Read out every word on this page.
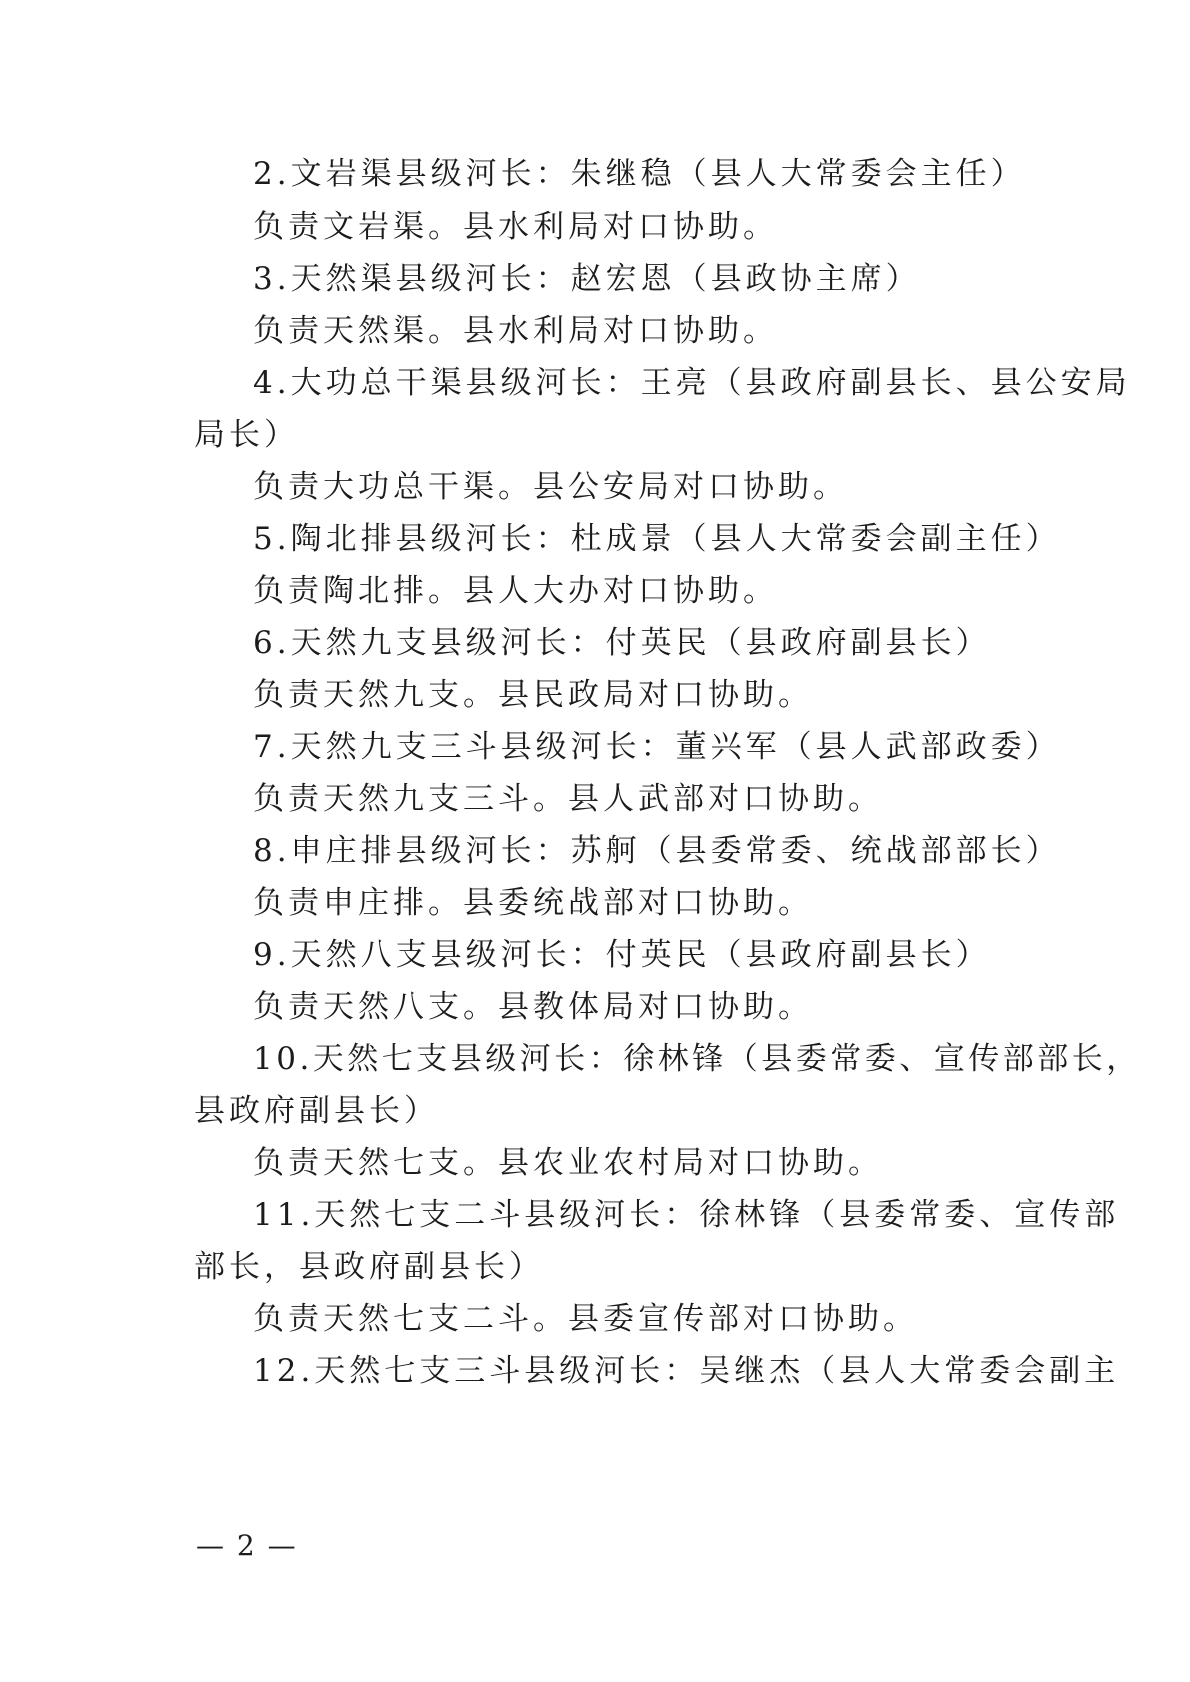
2.文岩渠县级河长：朱继稳（县人大常委会主任）
负责文岩渠。县水利局对口协助。
3.天然渠县级河长：赵宏恩（县政协主席）
负责天然渠。县水利局对口协助。
4.大功总干渠县级河长：王亮（县政府副县长、县公安局
局长）
负责大功总干渠。县公安局对口协助。
5.陶北排县级河长：杜成景（县人大常委会副主任）
负责陶北排。县人大办对口协助。
6.天然九支县级河长：付英民（县政府副县长）
负责天然九支。县民政局对口协助。
7.天然九支三斗县级河长：董兴军（县人武部政委）
负责天然九支三斗。县人武部对口协助。
8.申庄排县级河长：苏舸（县委常委、统战部部长）
负责申庄排。县委统战部对口协助。
9.天然八支县级河长：付英民（县政府副县长）
负责天然八支。县教体局对口协助。
10.天然七支县级河长：徐林锋（县委常委、宣传部部长，
县政府副县长）
负责天然七支。县农业农村局对口协助。
11.天然七支二斗县级河长：徐林锋（县委常委、宣传部
部长，县政府副县长）
负责天然七支二斗。县委宣传部对口协助。
12.天然七支三斗县级河长：吴继杰（县人大常委会副主
— 2 —
